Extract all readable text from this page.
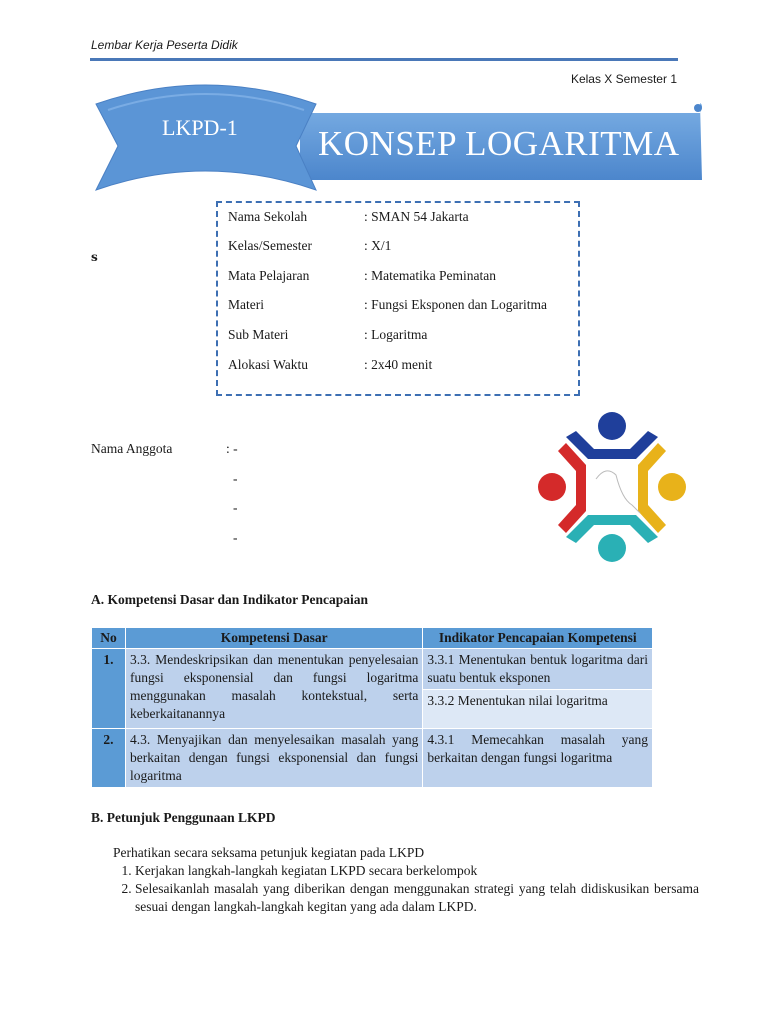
Lembar Kerja Peserta Didik
Kelas X Semester 1
LKPD-1 KONSEP LOGARITMA
s
Nama Sekolah	: SMAN 54 Jakarta
Kelas/Semester	: X/1
Mata Pelajaran	: Matematika Peminatan
Materi	: Fungsi Eksponen dan Logaritma
Sub Materi	: Logaritma
Alokasi Waktu	: 2x40 menit
Nama Anggota	: -
-
-
-
A. Kompetensi Dasar dan Indikator Pencapaian
No	Kompetensi Dasar	Indikator Pencapaian Kompetensi
1.	3.3. Mendeskripsikan dan menentukan penyelesaian fungsi eksponensial dan fungsi logaritma menggunakan masalah kontekstual, serta keberkaitanannya	3.3.1 Menentukan bentuk logaritma dari suatu bentuk eksponen
		3.3.2 Menentukan nilai logaritma
2.	4.3. Menyajikan dan menyelesaikan masalah yang berkaitan dengan fungsi eksponensial dan fungsi logaritma	4.3.1 Memecahkan masalah yang berkaitan dengan fungsi logaritma
B. Petunjuk Penggunaan LKPD
Perhatikan secara seksama petunjuk kegiatan pada LKPD
1. Kerjakan langkah-langkah kegiatan LKPD secara berkelompok
2. Selesaikanlah masalah yang diberikan dengan menggunakan strategi yang telah didiskusikan bersama sesuai dengan langkah-langkah kegitan yang ada dalam LKPD.
